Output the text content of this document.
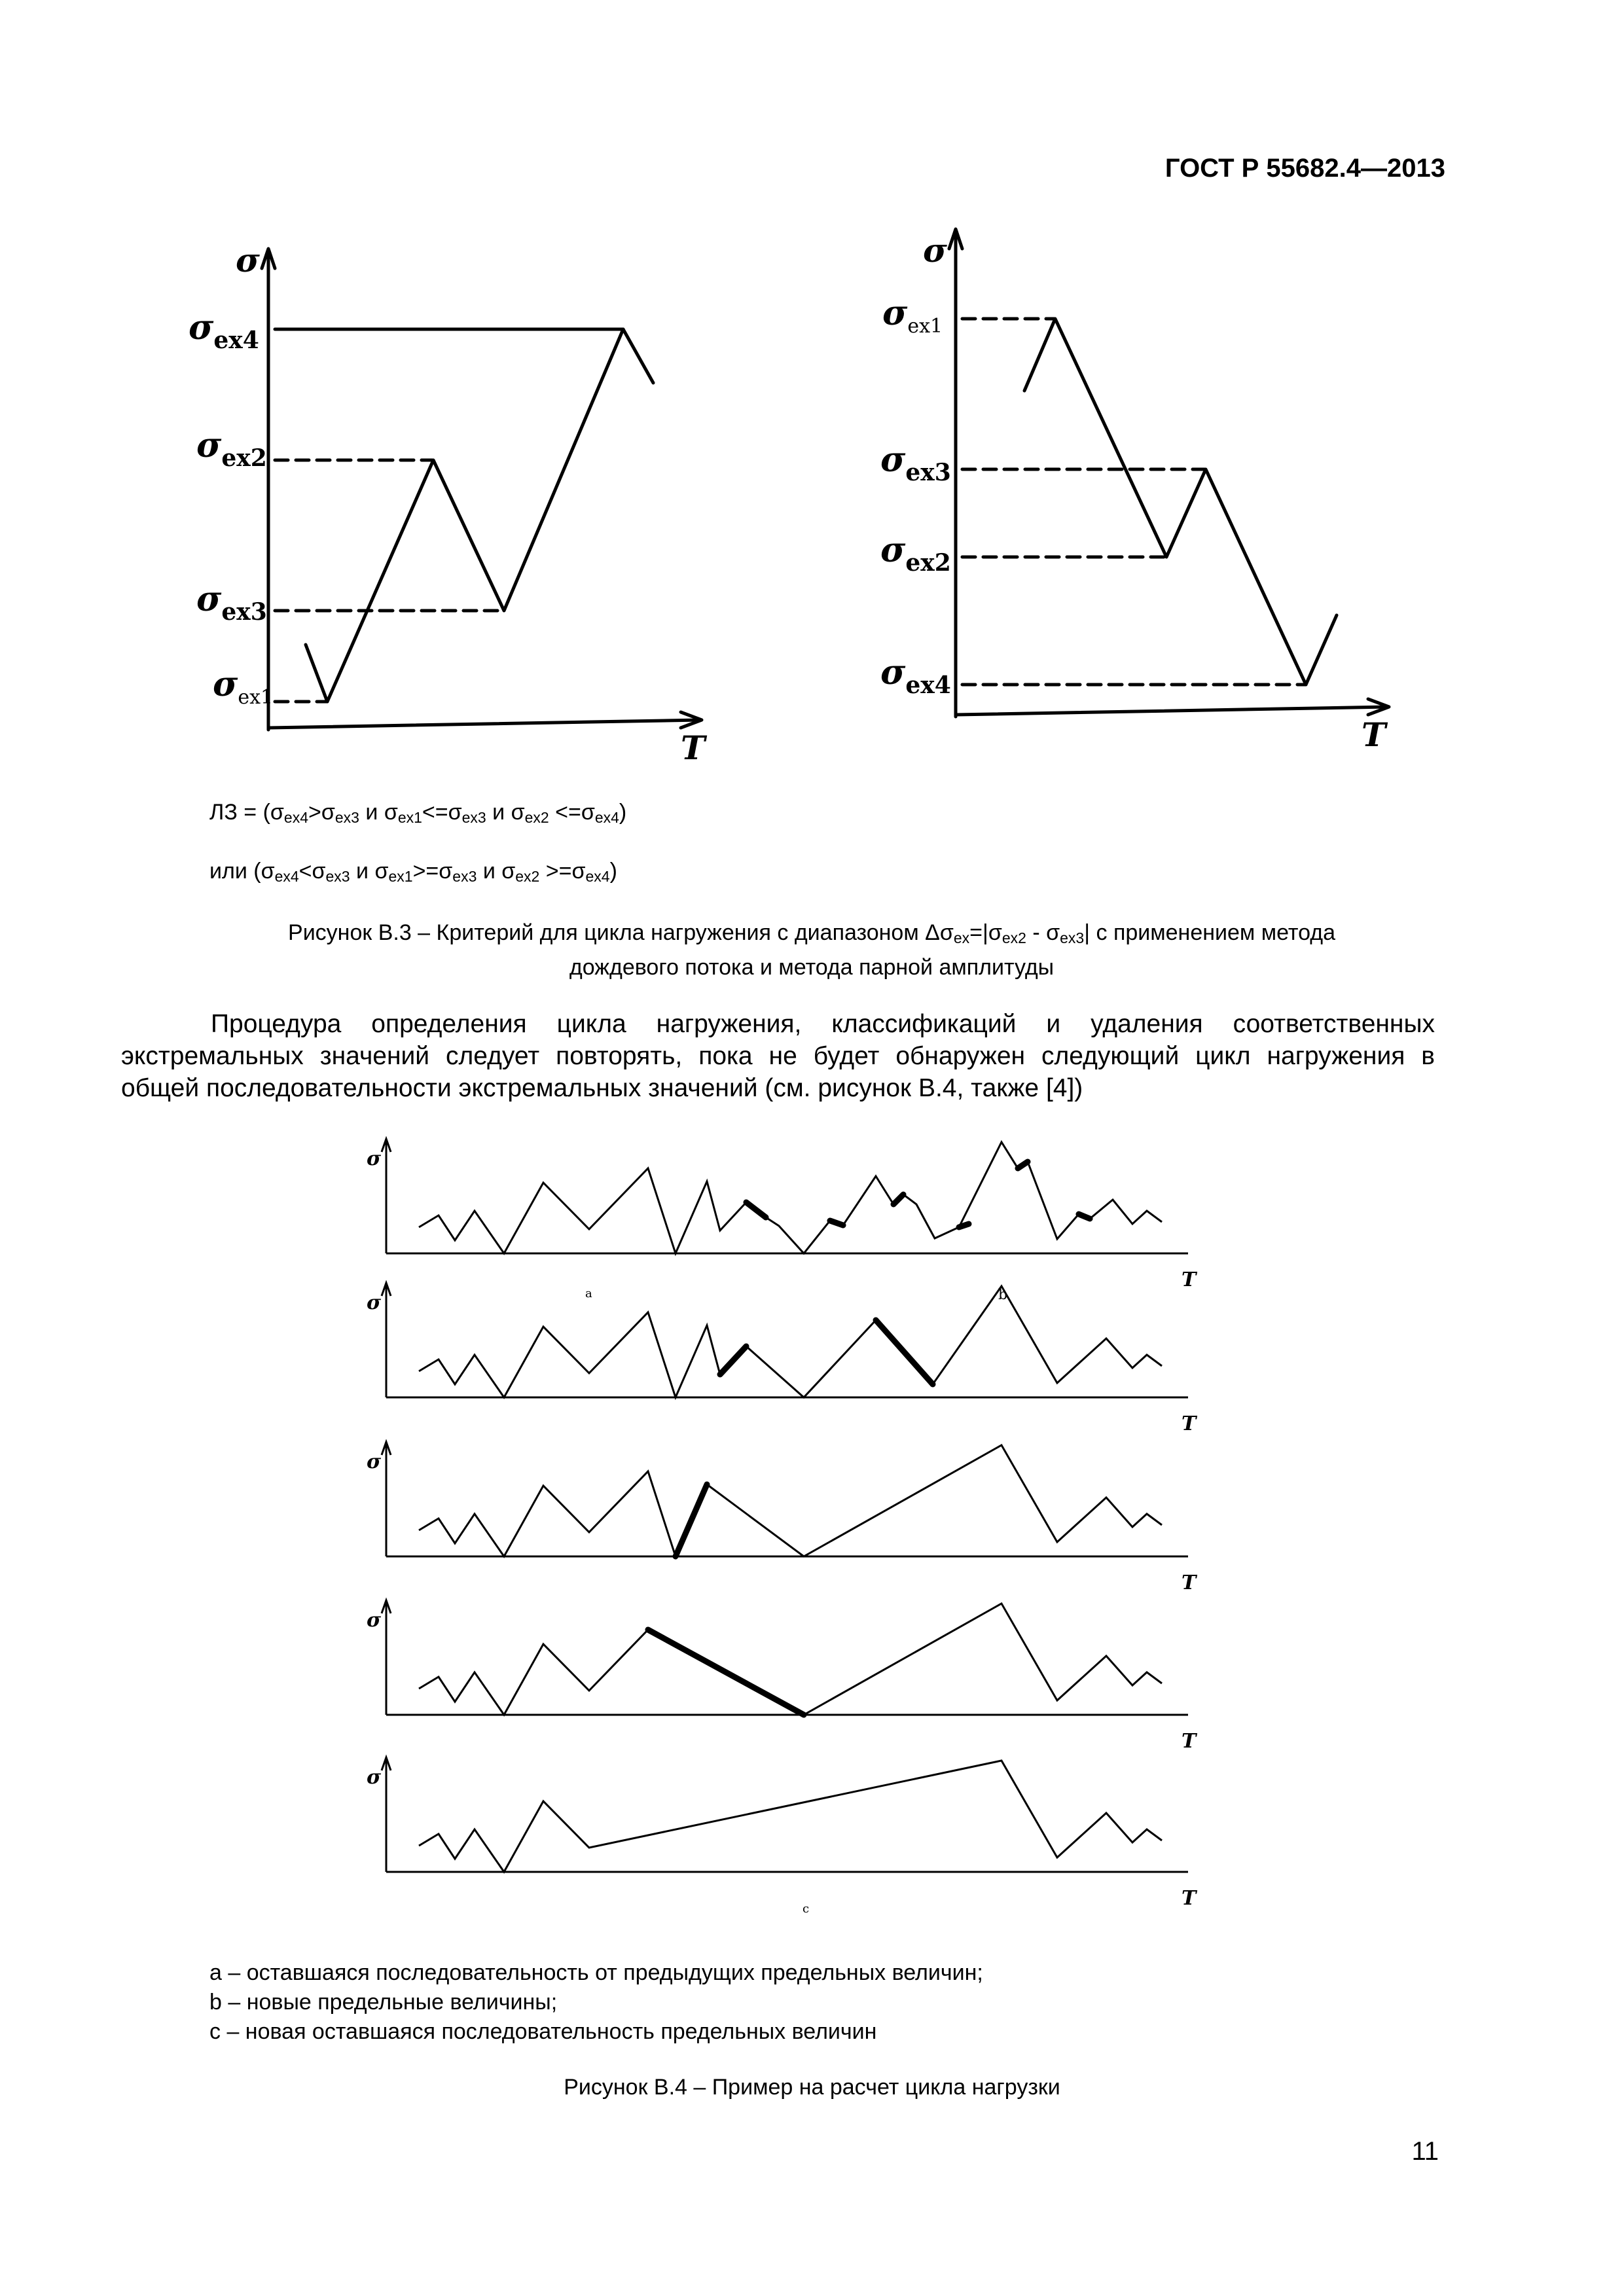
ГОСТ Р 55682.4—2013
σ
T
$\sigma_{ex4}$
$\sigma_{ex2}$
$\sigma_{ex3}$
$\sigma_{ex1}$
σ
T
$\sigma_{ex1}$
$\sigma_{ex3}$
$\sigma_{ex2}$
$\sigma_{ex4}$
ЛЗ = ($\sigma_{ex4}>\sigma_{ex3}$ и $\sigma_{ex1}<=\sigma_{ex3}$ и $\sigma_{ex2} <=\sigma_{ex4}$)
или ($\sigma_{ex4}<\sigma_{ex3}$ и $\sigma_{ex1}>=\sigma_{ex3}$ и $\sigma_{ex2} >=\sigma_{ex4}$)
Рисунок В.3 – Критерий для цикла нагружения с диапазоном $\Delta\sigma_{ex}=|\sigma_{ex2} - \sigma_{ex3}|$ с применением метода
дождевого потока и метода парной амплитуды
Процедура определения цикла нагружения, классификаций и удаления соответственных
экстремальных значений следует повторять, пока не будет обнаружен следующий цикл нагружения в
общей последовательности экстремальных значений (см. рисунок В.4, также [4])
σ
T
σ
T
σ
T
σ
T
σ
T
a	b
c
a – оставшаяся последовательность от предыдущих предельных величин;
b – новые предельные величины;
c – новая оставшаяся последовательность предельных величин
Рисунок В.4 – Пример на расчет цикла нагрузки
11
